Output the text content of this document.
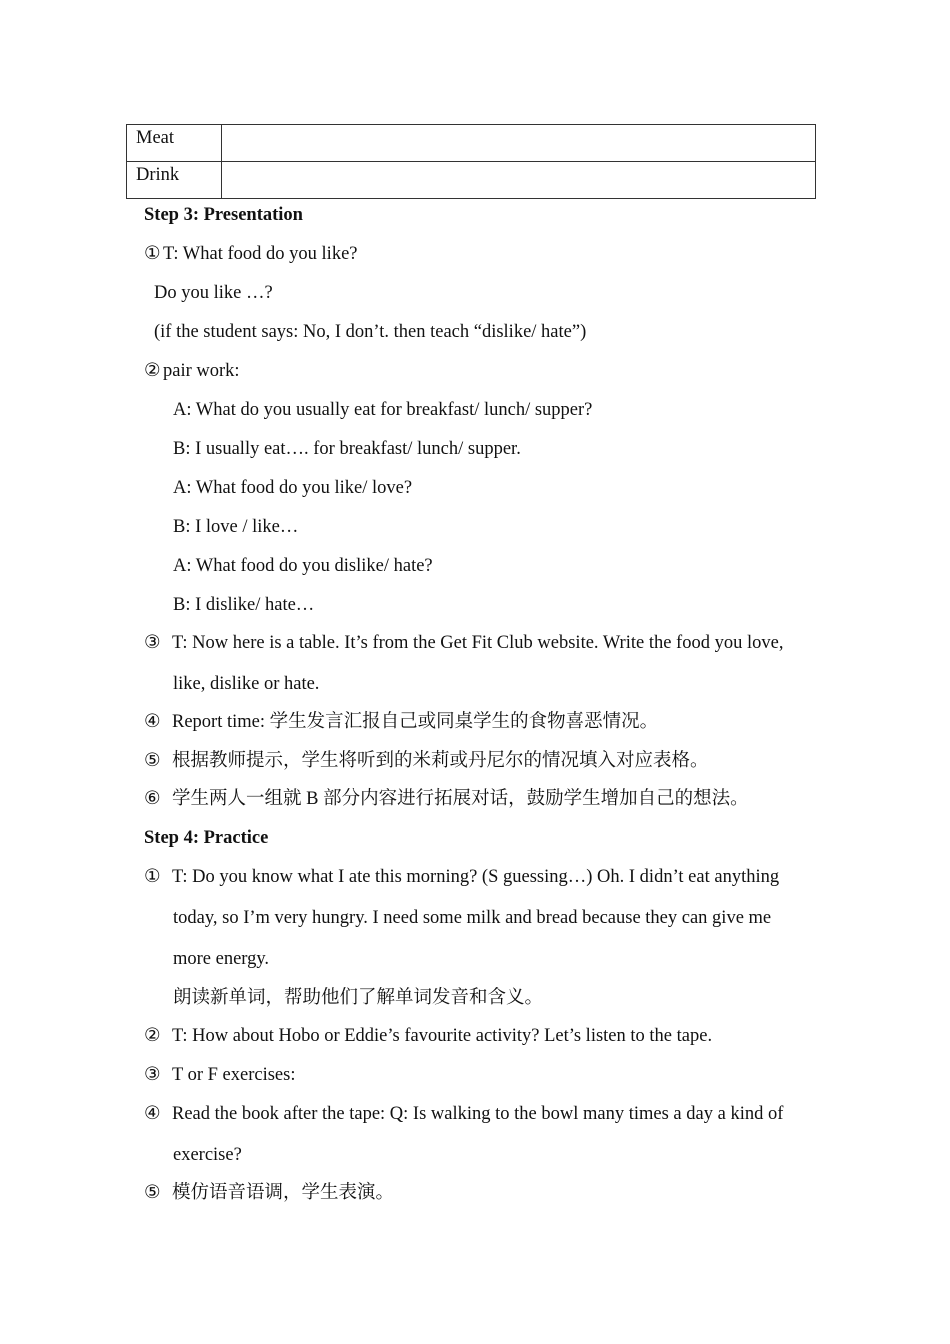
Meat	
Drink	
Step 3: Presentation
① T: What food do you like?
Do you like …?
(if the student says: No, I don’t. then teach “dislike/ hate”)
② pair work:
A: What do you usually eat for breakfast/ lunch/ supper?
B: I usually eat…. for breakfast/ lunch/ supper.
A: What food do you like/ love?
B: I love / like…
A: What food do you dislike/ hate?
B: I dislike/ hate…
③ T: Now here is a table. It’s from the Get Fit Club website. Write the food you love,
like, dislike or hate.
④ Report time: 学生发言汇报自己或同桌学生的食物喜恶情况。
⑤ 根据教师提示，学生将听到的米莉或丹尼尔的情况填入对应表格。
⑥ 学生两人一组就 B 部分内容进行拓展对话，鼓励学生增加自己的想法。
Step 4: Practice
① T: Do you know what I ate this morning? (S guessing…) Oh. I didn’t eat anything
today, so I’m very hungry. I need some milk and bread because they can give me
more energy.
朗读新单词，帮助他们了解单词发音和含义。
② T: How about Hobo or Eddie’s favourite activity? Let’s listen to the tape.
③ T or F exercises:
④ Read the book after the tape: Q: Is walking to the bowl many times a day a kind of
exercise?
⑤ 模仿语音语调，学生表演。
